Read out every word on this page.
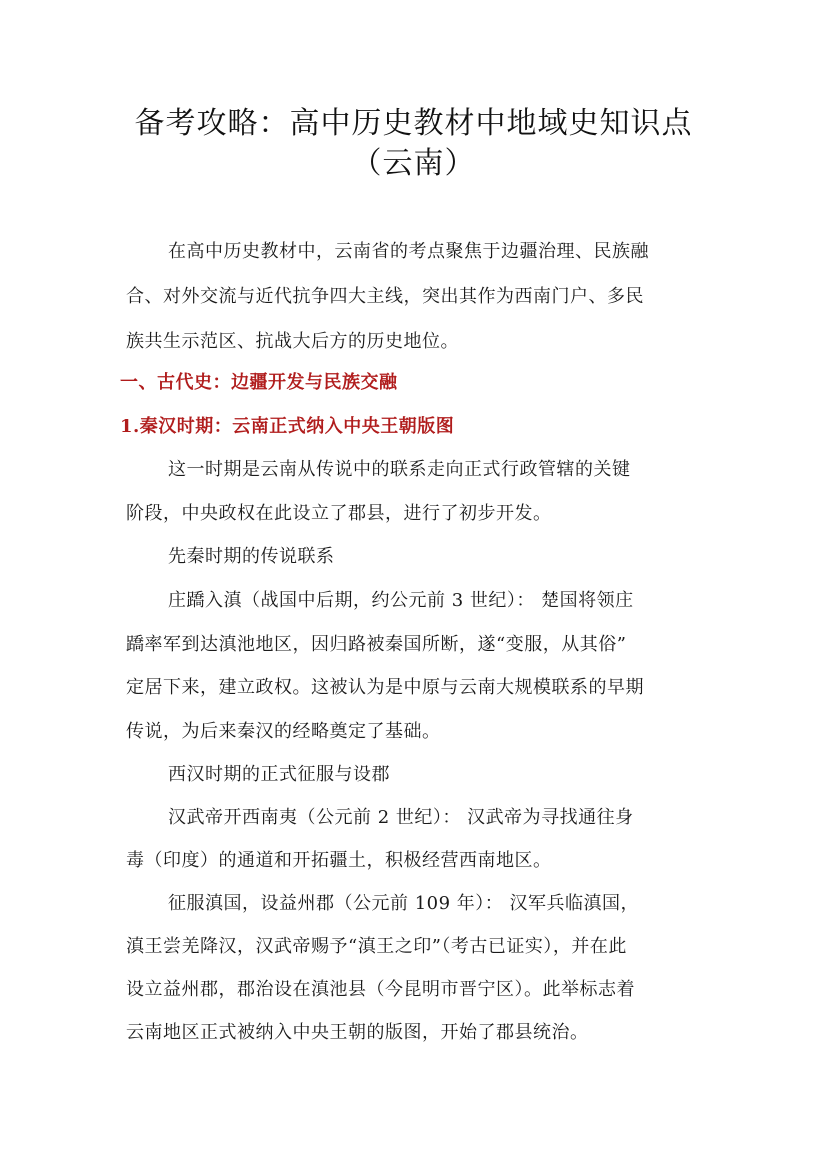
备考攻略：高中历史教材中地域史知识点
（云南）
在高中历史教材中，云南省的考点聚焦于边疆治理、民族融
合、对外交流与近代抗争四大主线，突出其作为西南门户、多民
族共生示范区、抗战大后方的历史地位。
一、古代史：边疆开发与民族交融
1.秦汉时期：云南正式纳入中央王朝版图
这一时期是云南从传说中的联系走向正式行政管辖的关键
阶段，中央政权在此设立了郡县，进行了初步开发。
先秦时期的传说联系
庄蹻入滇（战国中后期，约公元前 3 世纪）： 楚国将领庄
蹻率军到达滇池地区，因归路被秦国所断，遂“变服，从其俗”
定居下来，建立政权。这被认为是中原与云南大规模联系的早期
传说，为后来秦汉的经略奠定了基础。
西汉时期的正式征服与设郡
汉武帝开西南夷（公元前 2 世纪）： 汉武帝为寻找通往身
毒（印度）的通道和开拓疆土，积极经营西南地区。
征服滇国，设益州郡（公元前 109 年）： 汉军兵临滇国，
滇王尝羌降汉，汉武帝赐予“滇王之印”（考古已证实），并在此
设立益州郡，郡治设在滇池县（今昆明市晋宁区）。此举标志着
云南地区正式被纳入中央王朝的版图，开始了郡县统治。
